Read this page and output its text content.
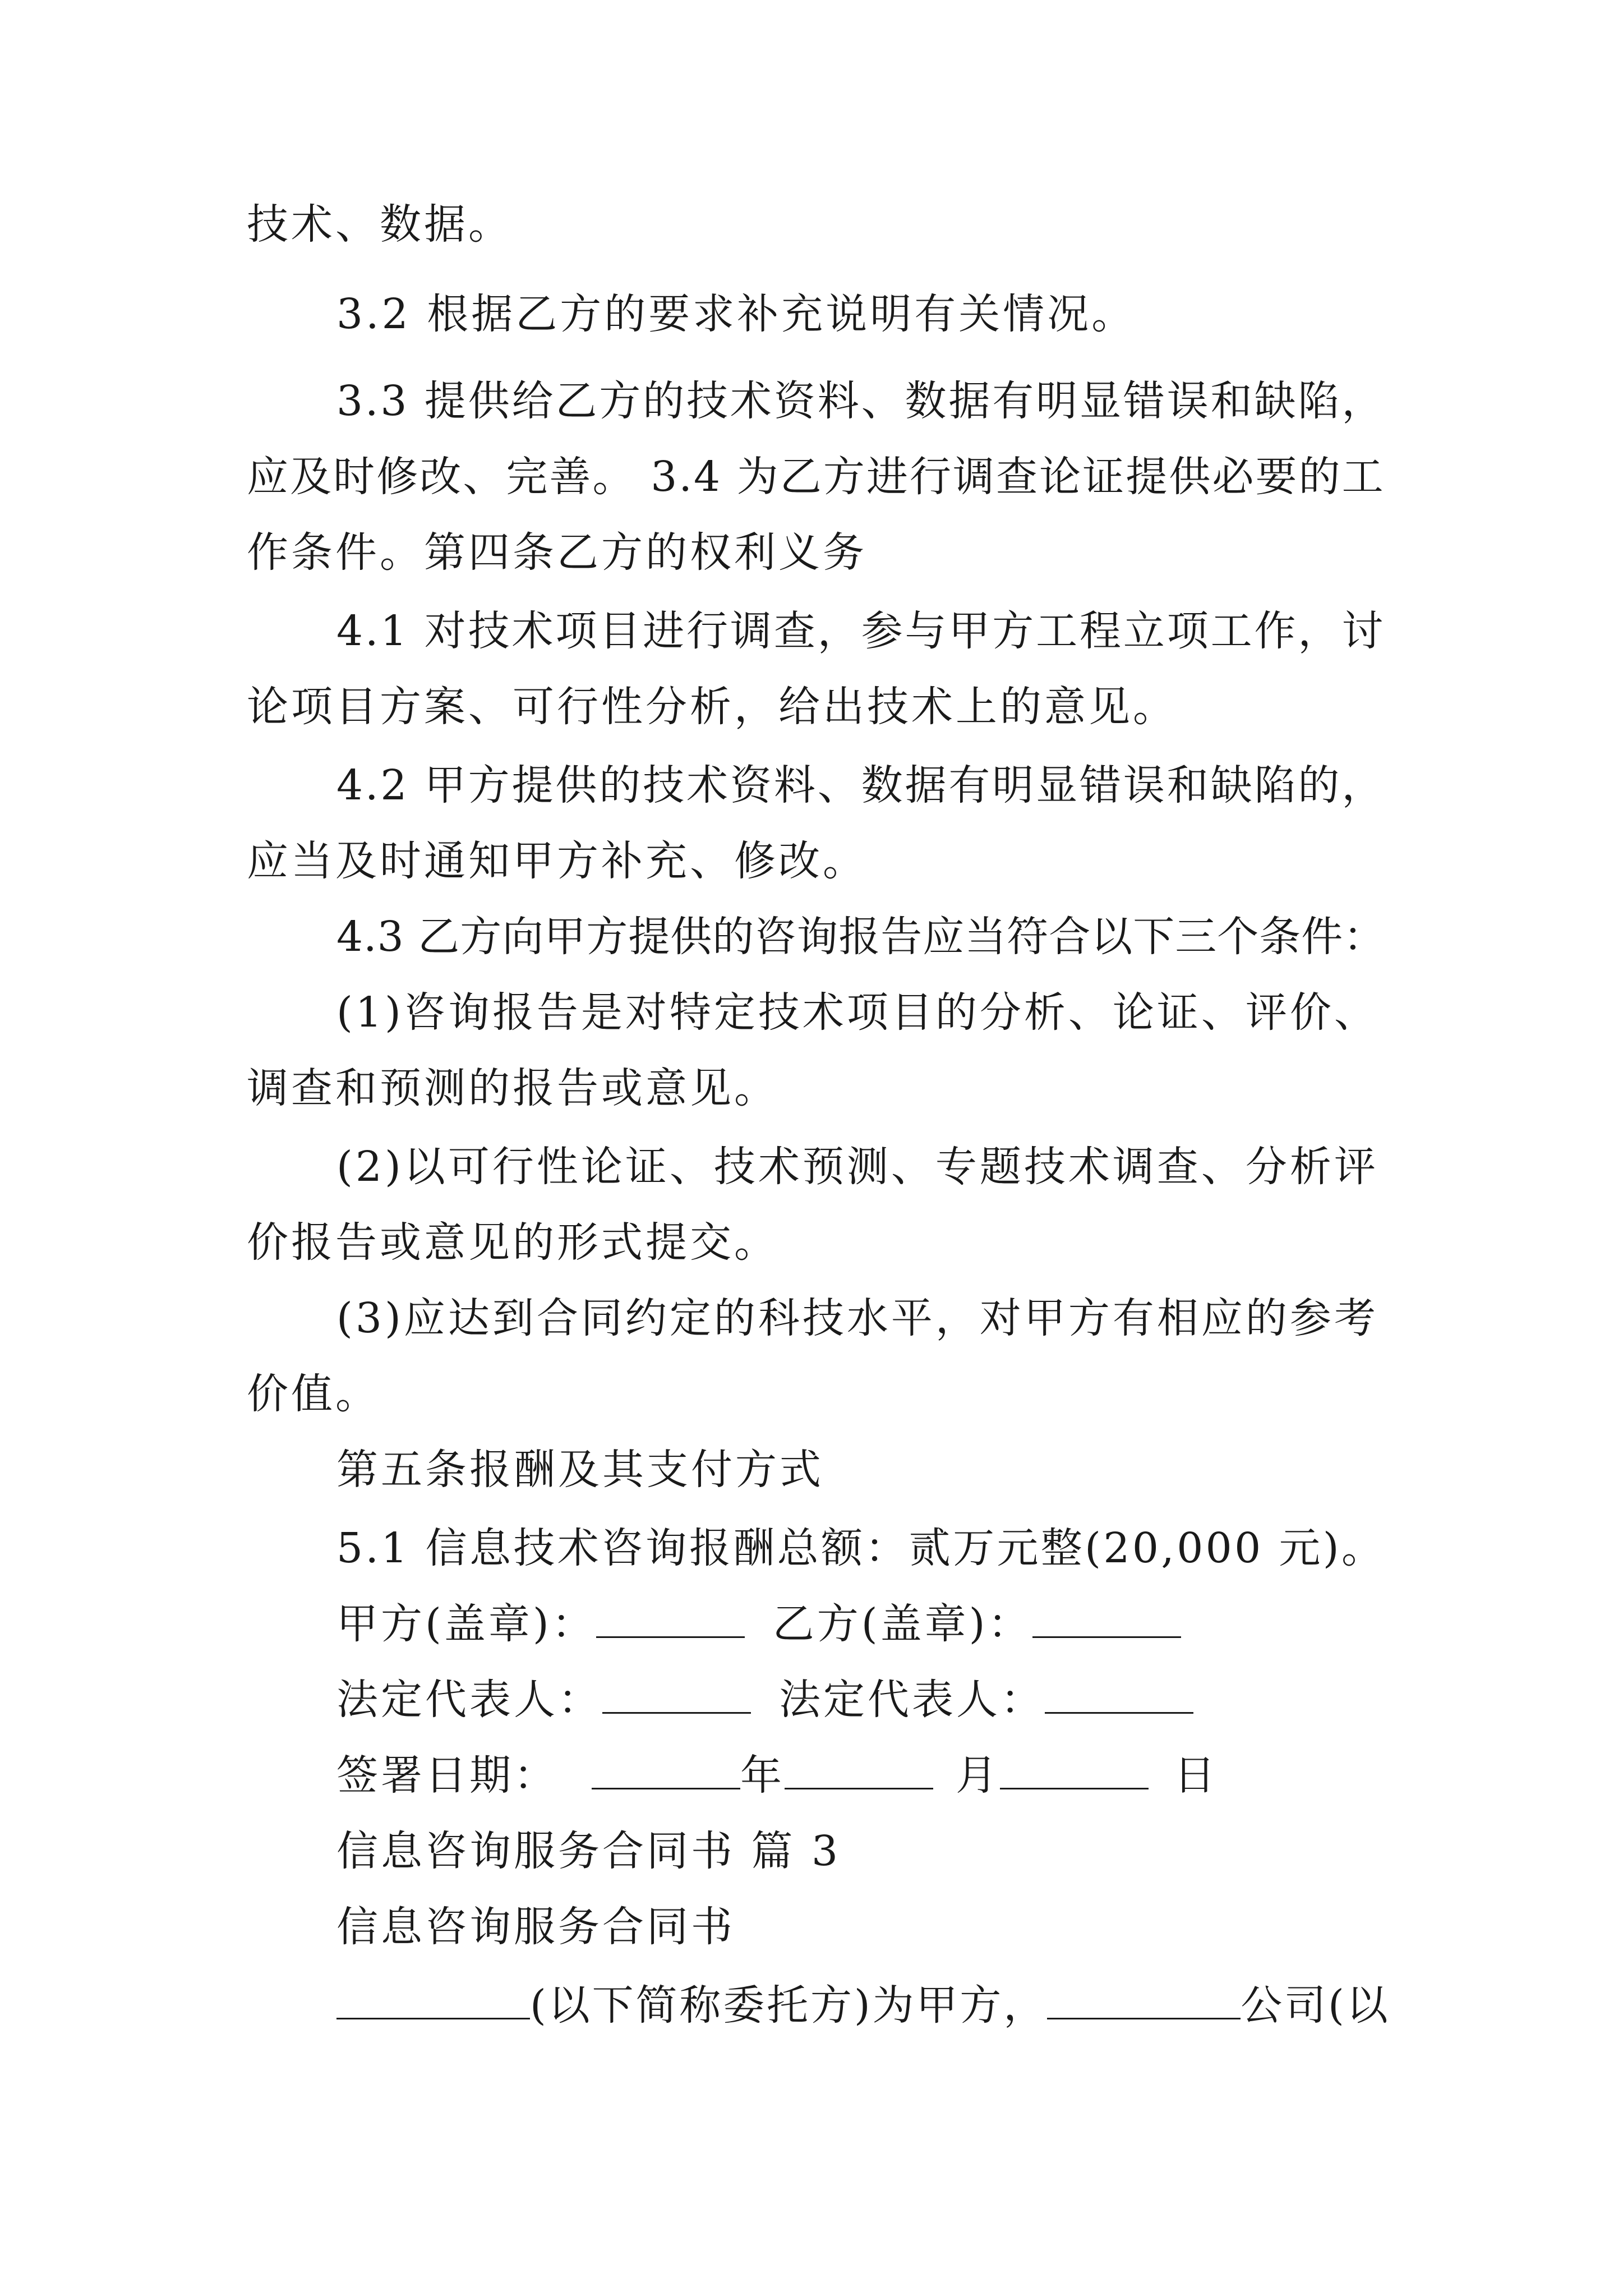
技术、数据。
3.2 根据乙方的要求补充说明有关情况。
3.3 提供给乙方的技术资料、数据有明显错误和缺陷，
应及时修改、完善。 3.4 为乙方进行调查论证提供必要的工
作条件。第四条乙方的权利义务
4.1 对技术项目进行调查，参与甲方工程立项工作，讨
论项目方案、可行性分析，给出技术上的意见。
4.2 甲方提供的技术资料、数据有明显错误和缺陷的，
应当及时通知甲方补充、修改。
4.3 乙方向甲方提供的咨询报告应当符合以下三个条件：
(1)咨询报告是对特定技术项目的分析、论证、评价、
调查和预测的报告或意见。
(2)以可行性论证、技术预测、专题技术调查、分析评
价报告或意见的形式提交。
(3)应达到合同约定的科技水平，对甲方有相应的参考
价值。
第五条报酬及其支付方式
5.1 信息技术咨询报酬总额：贰万元整(20,000 元)。
甲方(盖章)：	乙方(盖章)：
法定代表人：	法定代表人：
签署日期：	年	月	日
信息咨询服务合同书 篇 3
信息咨询服务合同书
(以下简称委托方)为甲方，	公司(以
